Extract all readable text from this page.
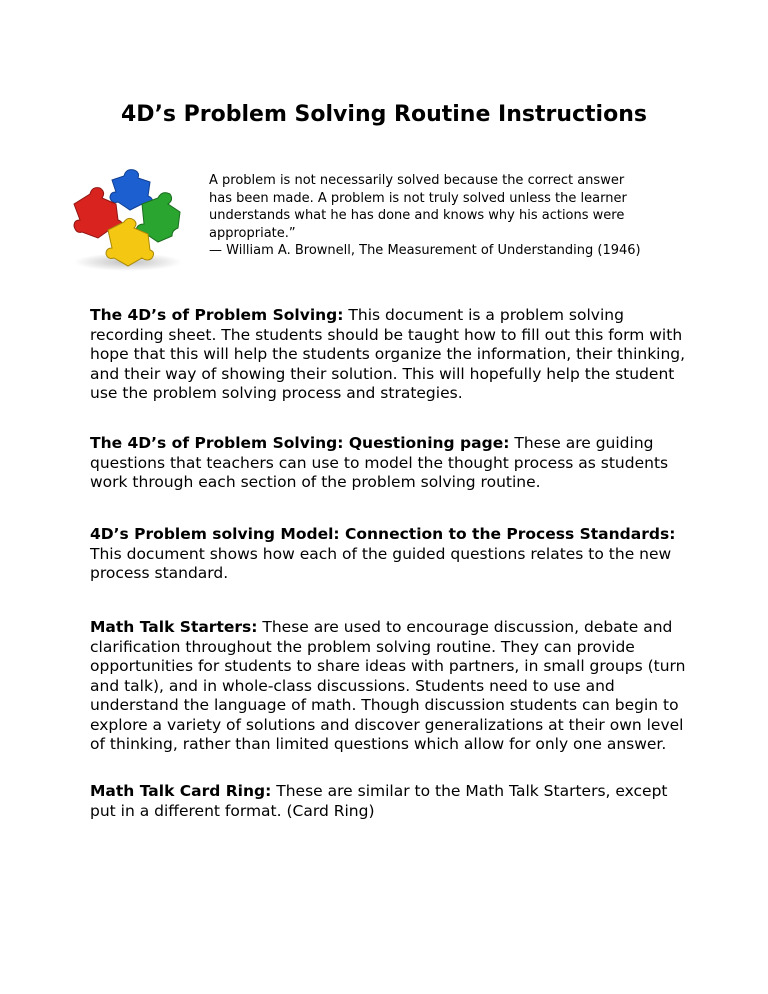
4D’s Problem Solving Routine Instructions
A problem is not necessarily solved because the correct answer
has been made. A problem is not truly solved unless the learner
understands what he has done and knows why his actions were
appropriate.”
— William A. Brownell, The Measurement of Understanding (1946)
The 4D’s of Problem Solving: This document is a problem solving recording sheet. The students should be taught how to fill out this form with hope that this will help the students organize the information, their thinking, and their way of showing their solution. This will hopefully help the student use the problem solving process and strategies.
The 4D’s of Problem Solving: Questioning page: These are guiding questions that teachers can use to model the thought process as students work through each section of the problem solving routine.
4D’s Problem solving Model: Connection to the Process Standards: This document shows how each of the guided questions relates to the new process standard.
Math Talk Starters: These are used to encourage discussion, debate and clarification throughout the problem solving routine. They can provide opportunities for students to share ideas with partners, in small groups (turn and talk), and in whole-class discussions. Students need to use and understand the language of math. Though discussion students can begin to explore a variety of solutions and discover generalizations at their own level of thinking, rather than limited questions which allow for only one answer.
Math Talk Card Ring: These are similar to the Math Talk Starters, except put in a different format. (Card Ring)
